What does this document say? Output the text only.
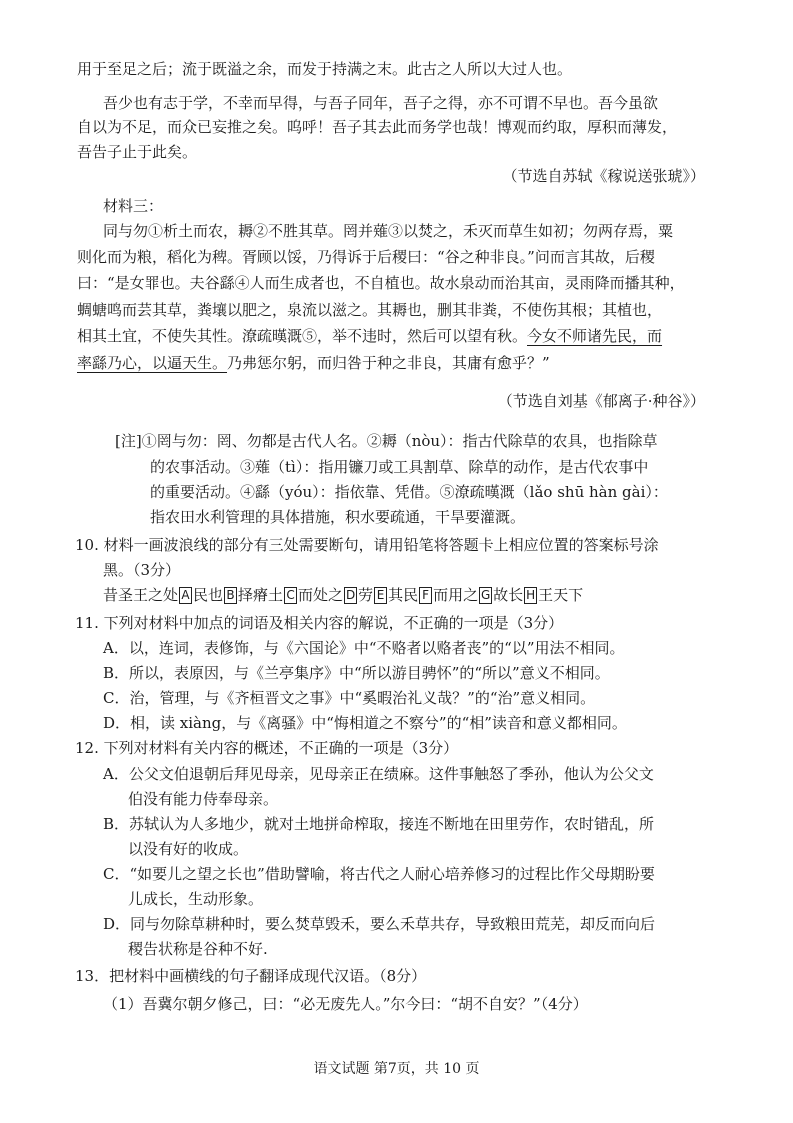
用于至足之后；流于既溢之余，而发于持满之末。此古之人所以大过人也。
吾少也有志于学，不幸而早得，与吾子同年，吾子之得，亦不可谓不早也。吾今虽欲
自以为不足，而众已妄推之矣。呜呼！吾子其去此而务学也哉！博观而约取，厚积而薄发，
吾告子止于此矣。
（节选自苏轼《稼说送张琥》）
材料三：
同与勿①析土而农，耨②不胜其草。罔并薙③以焚之，禾灭而草生如初；勿两存焉，粟
则化而为粮，稻化为稗。胥顾以馁，乃得诉于后稷曰：“谷之种非良。”问而言其故，后稷
曰：“是女罪也。夫谷繇④人而生成者也，不自植也。故水泉动而治其亩，灵雨降而播其种，
蜩螗鸣而芸其草，粪壤以肥之，泉流以滋之。其耨也，删其非粪，不使伤其根；其植也，
相其土宜，不使失其性。潦疏暵溉⑤，举不违时，然后可以望有秋。今女不师诸先民，而
率繇乃心，以逼天生。乃弗惩尔躬，而归咎于种之非良，其庸有愈乎？”
（节选自刘基《郁离子·种谷》）
[注]①罔与勿：罔、勿都是古代人名。②耨（nòu）：指古代除草的农具，也指除草
的农事活动。③薙（tì）：指用镰刀或工具割草、除草的动作，是古代农事中
的重要活动。④繇（yóu）：指依靠、凭借。⑤潦疏暵溉（lǎo shū hàn gài）：
指农田水利管理的具体措施，积水要疏通，干旱要灌溉。
10. 材料一画波浪线的部分有三处需要断句，请用铅笔将答题卡上相应位置的答案标号涂
黑。（3分）
昔圣王之处 A 民也 B 择瘠土 C 而处之 D 劳 E 其民 F 而用之 G 故长 H 王天下
11. 下列对材料中加点的词语及相关内容的解说，不正确的一项是（3分）
A．以，连词，表修饰，与《六国论》中“不赂者以赂者丧”的“以”用法不相同。
B．所以，表原因，与《兰亭集序》中“所以游目骋怀”的“所以”意义不相同。
C．治，管理，与《齐桓晋文之事》中“奚暇治礼义哉？”的“治”意义相同。
D．相，读 xiàng，与《离骚》中“悔相道之不察兮”的“相”读音和意义都相同。
12. 下列对材料有关内容的概述，不正确的一项是（3分）
A．公父文伯退朝后拜见母亲，见母亲正在绩麻。这件事触怒了季孙，他认为公父文
伯没有能力侍奉母亲。
B．苏轼认为人多地少，就对土地拼命榨取，接连不断地在田里劳作，农时错乱，所
以没有好的收成。
C．“如要儿之望之长也”借助譬喻，将古代之人耐心培养修习的过程比作父母期盼要
儿成长，生动形象。
D．同与勿除草耕种时，要么焚草毁禾，要么禾草共存，导致粮田荒芜，却反而向后
稷告状称是谷种不好.
13．把材料中画横线的句子翻译成现代汉语。（8分）
（1）吾冀尔朝夕修己，曰：“必无废先人。”尔今曰：“胡不自安？”（4分）
语文试题 第7页，共 10 页
